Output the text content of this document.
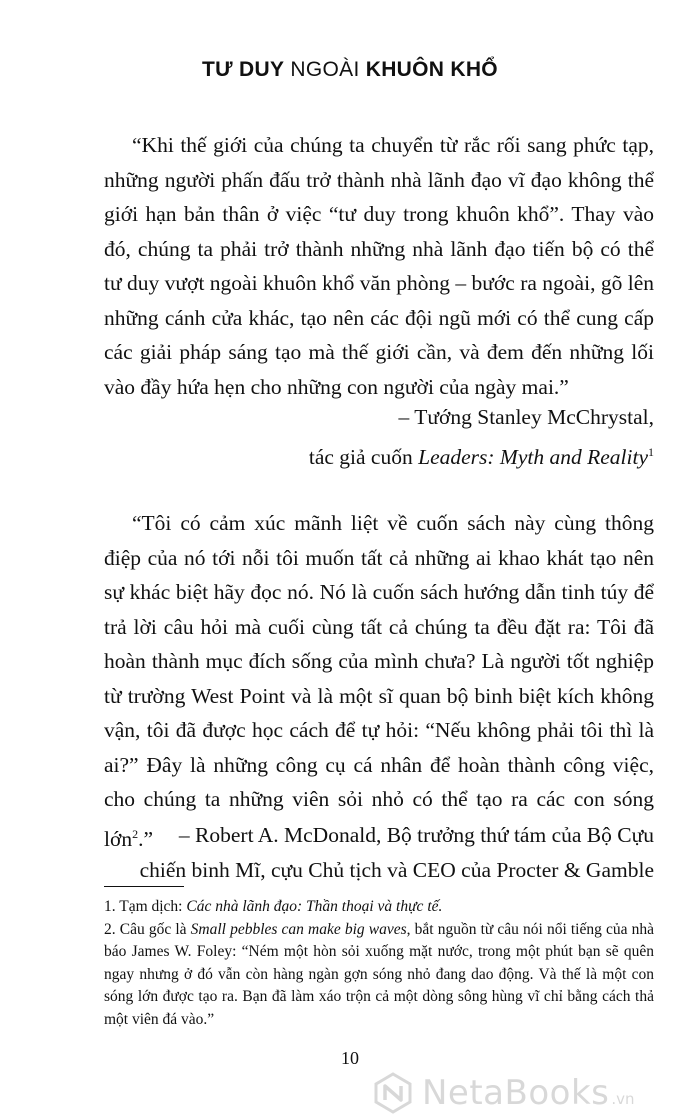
TƯ DUY NGOÀI KHUÔN KHỔ

“Khi thế giới của chúng ta chuyển từ rắc rối sang phức tạp, những người phấn đấu trở thành nhà lãnh đạo vĩ đạo không thể giới hạn bản thân ở việc “tư duy trong khuôn khổ”. Thay vào đó, chúng ta phải trở thành những nhà lãnh đạo tiến bộ có thể tư duy vượt ngoài khuôn khổ văn phòng – bước ra ngoài, gõ lên những cánh cửa khác, tạo nên các đội ngũ mới có thể cung cấp các giải pháp sáng tạo mà thế giới cần, và đem đến những lối vào đầy hứa hẹn cho những con người của ngày mai.”

– Tướng Stanley McChrystal,
tác giả cuốn Leaders: Myth and Reality$^1$

“Tôi có cảm xúc mãnh liệt về cuốn sách này cùng thông điệp của nó tới nỗi tôi muốn tất cả những ai khao khát tạo nên sự khác biệt hãy đọc nó. Nó là cuốn sách hướng dẫn tinh túy để trả lời câu hỏi mà cuối cùng tất cả chúng ta đều đặt ra: Tôi đã hoàn thành mục đích sống của mình chưa? Là người tốt nghiệp từ trường West Point và là một sĩ quan bộ binh biệt kích không vận, tôi đã được học cách để tự hỏi: “Nếu không phải tôi thì là ai?” Đây là những công cụ cá nhân để hoàn thành công việc, cho chúng ta những viên sỏi nhỏ có thể tạo ra các con sóng lớn$^2$.”	– Robert A. McDonald, Bộ trưởng thứ tám của Bộ Cựu
chiến binh Mĩ, cựu Chủ tịch và CEO của Procter & Gamble
1. Tạm dịch: Các nhà lãnh đạo: Thần thoại và thực tế.
2. Câu gốc là Small pebbles can make big waves, bắt nguồn từ câu nói nổi tiếng của nhà báo James W. Foley: “Ném một hòn sỏi xuống mặt nước, trong một phút bạn sẽ quên ngay nhưng ở đó vẫn còn hàng ngàn gợn sóng nhỏ đang dao động. Và thế là một con sóng lớn được tạo ra. Bạn đã làm xáo trộn cả một dòng sông hùng vĩ chỉ bằng cách thả một viên đá vào.”
10
NetaBooks .vn
